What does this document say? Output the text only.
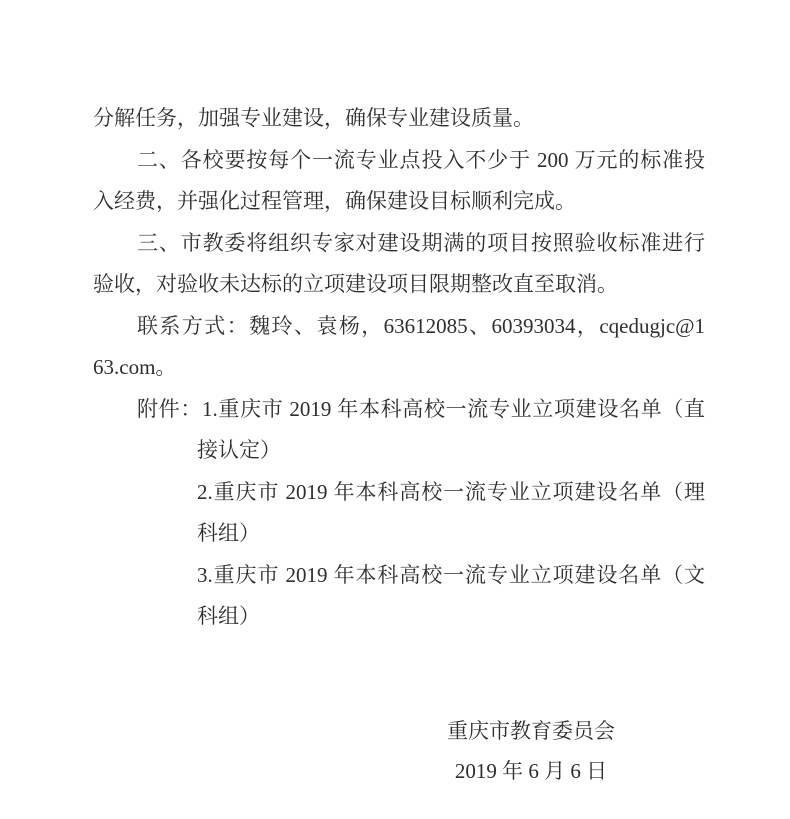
分解任务，加强专业建设，确保专业建设质量。
二、各校要按每个一流专业点投入不少于 200 万元的标准投
入经费，并强化过程管理，确保建设目标顺利完成。
三、市教委将组织专家对建设期满的项目按照验收标准进行
验收，对验收未达标的立项建设项目限期整改直至取消。
联系方式：魏玲、袁杨，63612085、60393034，cqedugjc@1
63.com。
附件：1.重庆市 2019 年本科高校一流专业立项建设名单（直
接认定）
2.重庆市 2019 年本科高校一流专业立项建设名单（理
科组）
3.重庆市 2019 年本科高校一流专业立项建设名单（文
科组）
重庆市教育委员会
2019 年 6 月 6 日
